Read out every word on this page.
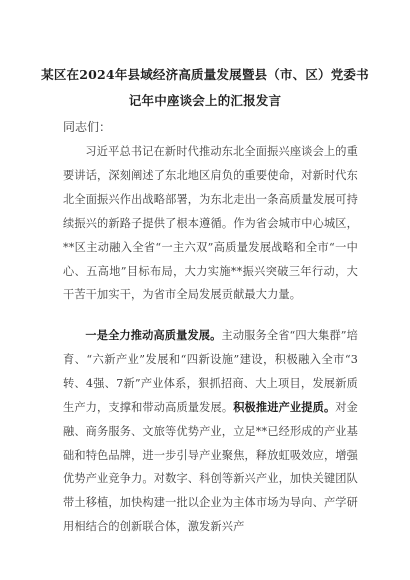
某区在2024年县域经济高质量发展暨县（市、区）党委书
记年中座谈会上的汇报发言
同志们：
习近平总书记在新时代推动东北全面振兴座谈会上的重要讲话，深刻阐述了东北地区肩负的重要使命，对新时代东北全面振兴作出战略部署，为东北走出一条高质量发展可持续振兴的新路子提供了根本遵循。作为省会城市中心城区，**区主动融入全省“一主六双”高质量发展战略和全市“一中心、五高地”目标布局，大力实施**振兴突破三年行动，大干苦干加实干，为省市全局发展贡献最大力量。
一是全力推动高质量发展。主动服务全省“四大集群”培育、“六新产业”发展和“四新设施”建设，积极融入全市“3转、4强、7新”产业体系，狠抓招商、大上项目，发展新质生产力，支撑和带动高质量发展。积极推进产业提质。对金融、商务服务、文旅等优势产业，立足**已经形成的产业基础和特色品牌，进一步引导产业聚焦，释放虹吸效应，增强优势产业竞争力。对数字、科创等新兴产业，加快关键团队带土移植，加快构建一批以企业为主体市场为导向、产学研用相结合的创新联合体，激发新兴产
